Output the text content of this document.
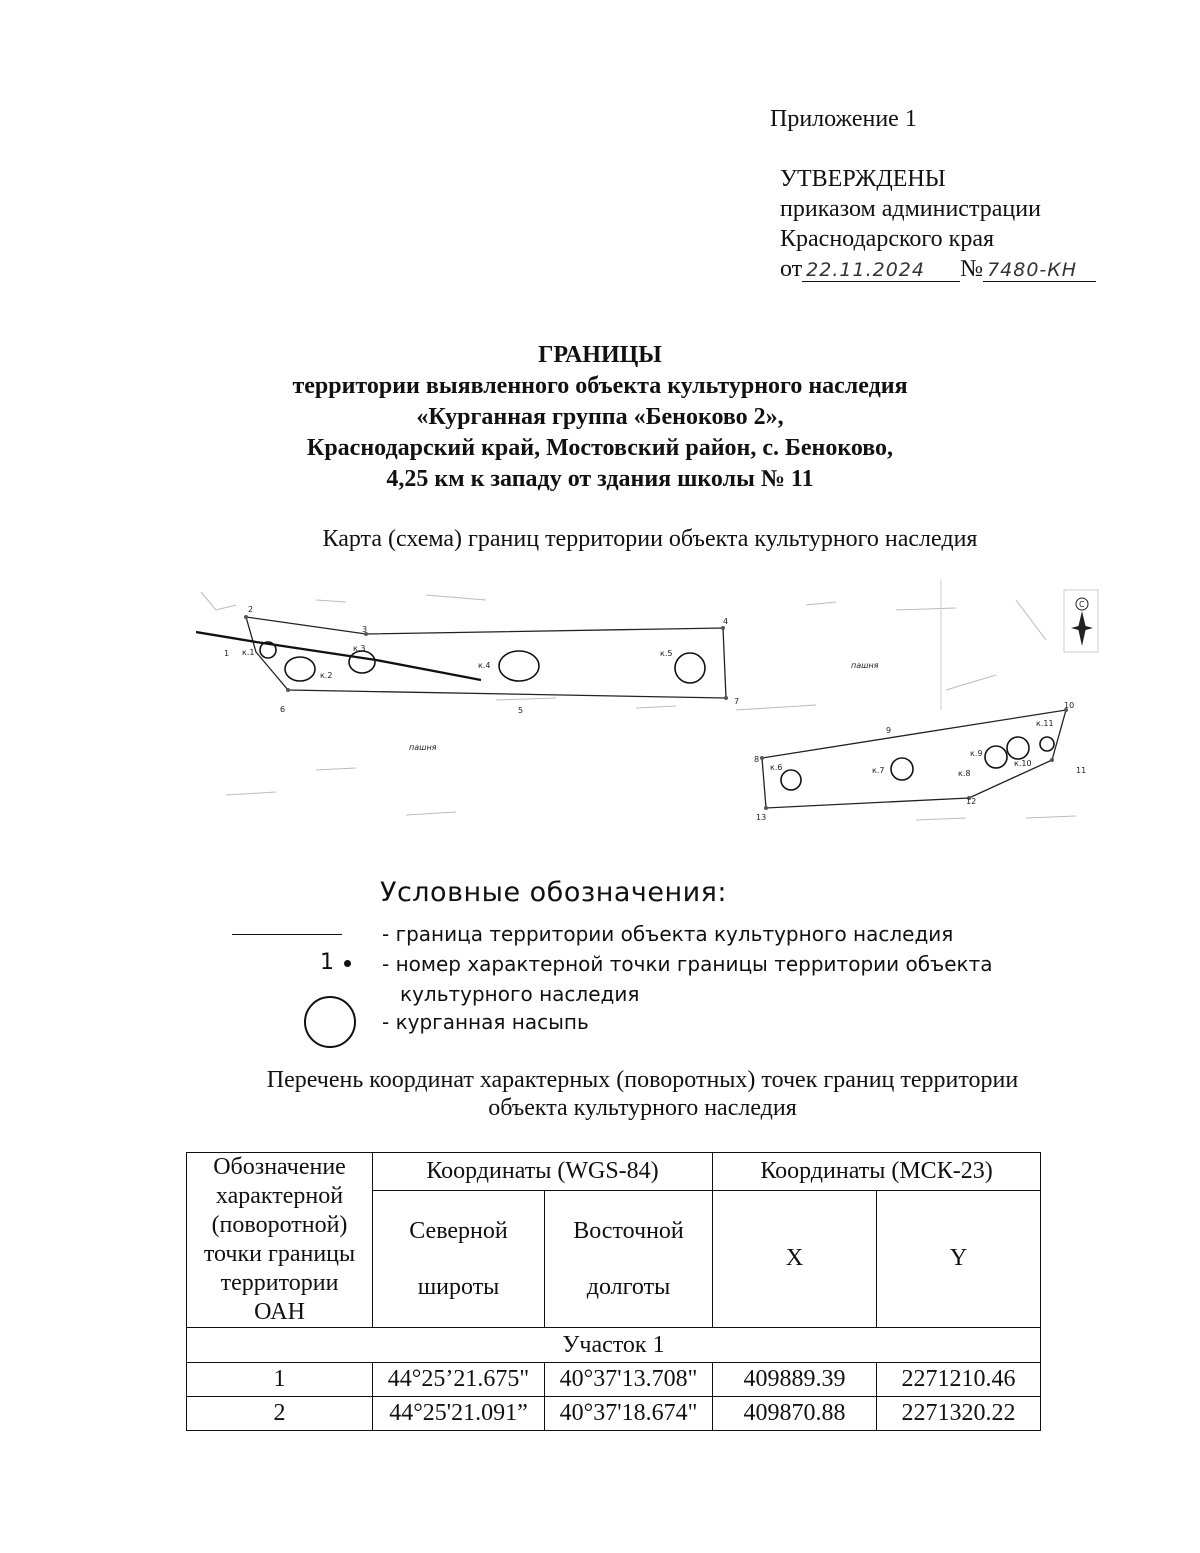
Приложение 1
УТВЕРЖДЕНЫ
приказом администрации
Краснодарского края
от 22.11.2024 № 7480-КН
ГРАНИЦЫ
территории выявленного объекта культурного наследия
«Курганная группа «Беноково 2»,
Краснодарский край, Мостовский район, с. Беноково,
4,25 км к западу от здания школы № 11
Карта (схема) границ территории объекта культурного наследия
1
2
3
4
5
6
7
8
9
10
11
12
13
к.1
к.2
к.3
к.4
к.5
к.6	к.7	к.8
к.9
к.10
к.11
пашня
пашня
С
Условные обозначения:
- граница территории объекта культурного наследия
1	- номер характерной точки границы территории объекта
культурного наследия
- курганная насыпь
Перечень координат характерных (поворотных) точек границ территории
объекта культурного наследия
Обозначение характерной (поворотной) точки границы территории ОАН	Координаты (WGS-84)		Координаты (МСК-23)	
	Северной широты	Восточной долготы	X	Y
Участок 1				
1	44°25’21.675"	40°37'13.708"	409889.39	2271210.46
2	44°25'21.091”	40°37'18.674"	409870.88	2271320.22
